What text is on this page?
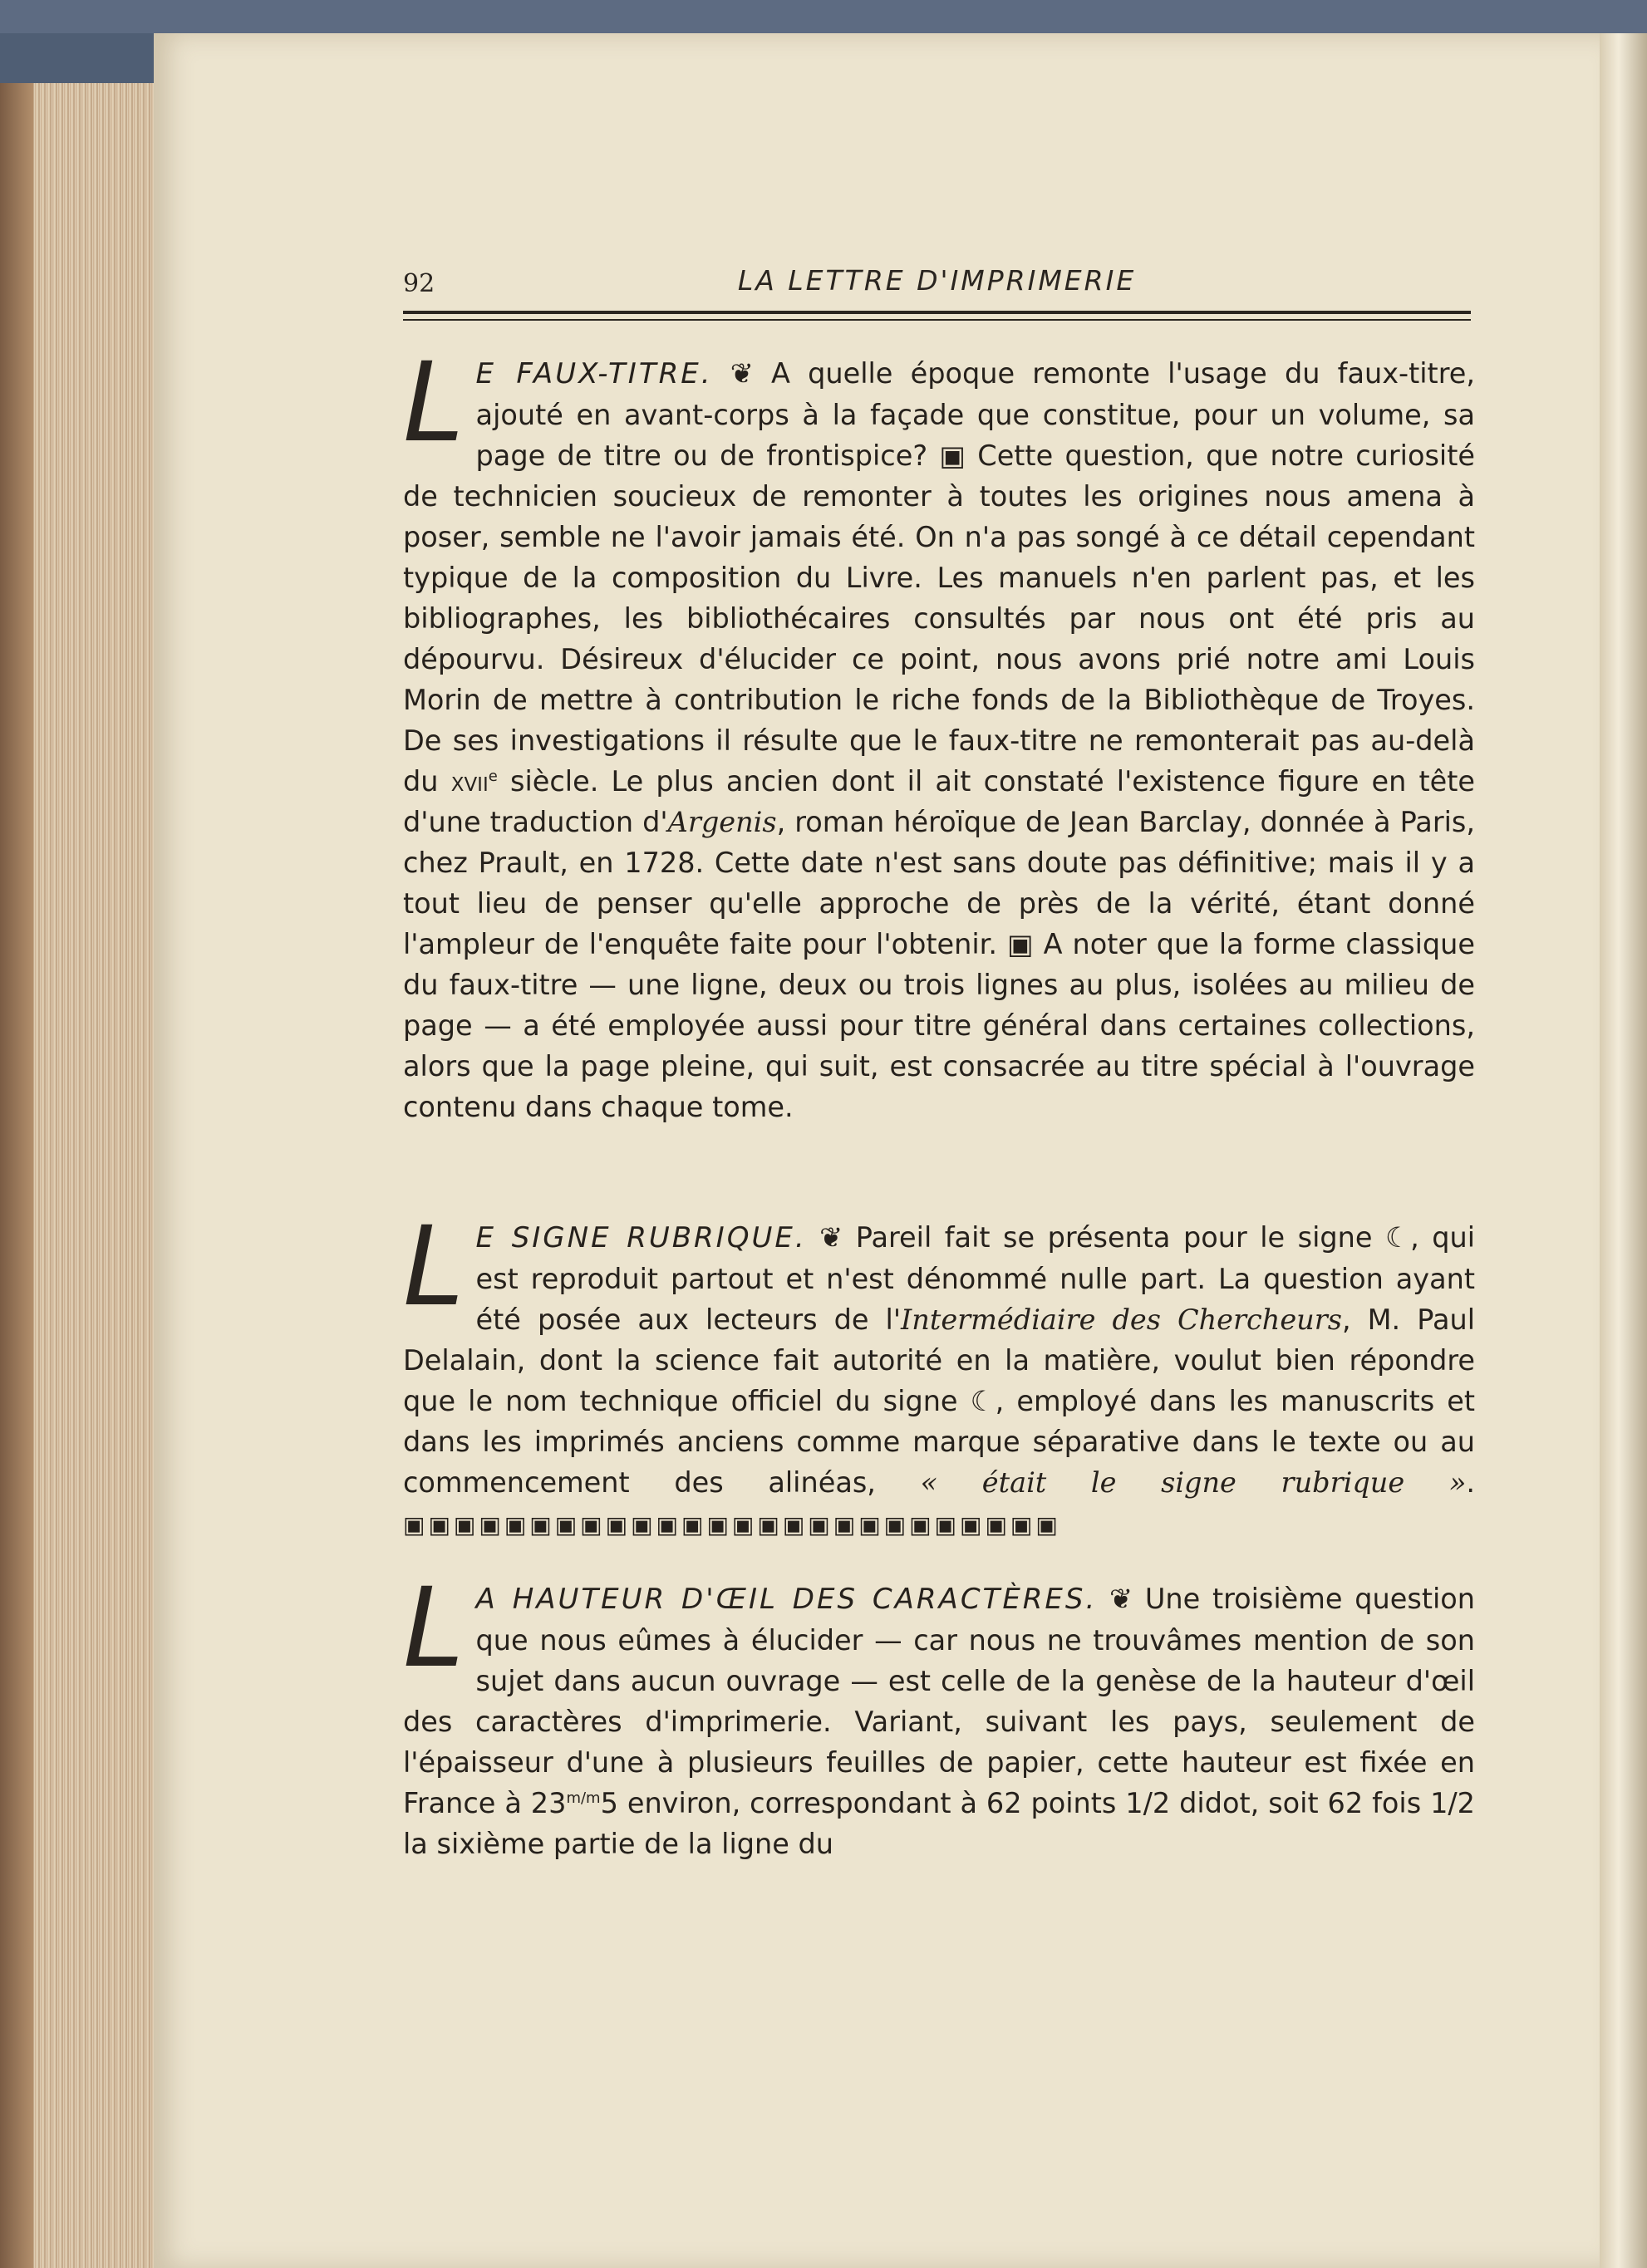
92	LA LETTRE D'IMPRIMERIE
L E FAUX-TITRE. ❦ A quelle époque remonte l'usage du faux-titre, ajouté en avant-corps à la façade que constitue, pour un volume, sa page de titre ou de frontispice? ▣ Cette question, que notre curiosité de technicien soucieux de remonter à toutes les origines nous amena à poser, semble ne l'avoir jamais été. On n'a pas songé à ce détail cependant typique de la composition du Livre. Les manuels n'en parlent pas, et les bibliographes, les bibliothécaires consultés par nous ont été pris au dépourvu. Désireux d'élucider ce point, nous avons prié notre ami Louis Morin de mettre à contribution le riche fonds de la Bibliothèque de Troyes. De ses investigations il résulte que le faux-titre ne remonterait pas au-delà du xvii$^e$ siècle. Le plus ancien dont il ait constaté l'existence figure en tête d'une traduction d'Argenis, roman héroïque de Jean Barclay, donnée à Paris, chez Prault, en 1728. Cette date n'est sans doute pas définitive; mais il y a tout lieu de penser qu'elle approche de près de la vérité, étant donné l'ampleur de l'enquête faite pour l'obtenir. ▣ A noter que la forme classique du faux-titre — une ligne, deux ou trois lignes au plus, isolées au milieu de page — a été employée aussi pour titre général dans certaines collections, alors que la page pleine, qui suit, est consacrée au titre spécial à l'ouvrage contenu dans chaque tome.

L E SIGNE RUBRIQUE. ❦ Pareil fait se présenta pour le signe ☾, qui est reproduit partout et n'est dénommé nulle part. La question ayant été posée aux lecteurs de l'Intermédiaire des Chercheurs, M. Paul Delalain, dont la science fait autorité en la matière, voulut bien répondre que le nom technique officiel du signe ☾, employé dans les manuscrits et dans les imprimés anciens comme marque séparative dans le texte ou au commencement des alinéas, « était le signe rubrique ». ▣▣▣▣▣▣▣▣▣▣▣▣▣▣▣▣▣▣▣▣▣▣▣▣▣▣

L A HAUTEUR D'ŒIL DES CARACTÈRES. ❦ Une troisième question que nous eûmes à élucider — car nous ne trouvâmes mention de son sujet dans aucun ouvrage — est celle de la genèse de la hauteur d'œil des caractères d'imprimerie. Variant, suivant les pays, seulement de l'épaisseur d'une à plusieurs feuilles de papier, cette hauteur est fixée en France à $23^{m/m}5$ environ, correspondant à 62 points 1/2 didot, soit 62 fois 1/2 la sixième partie de la ligne du
